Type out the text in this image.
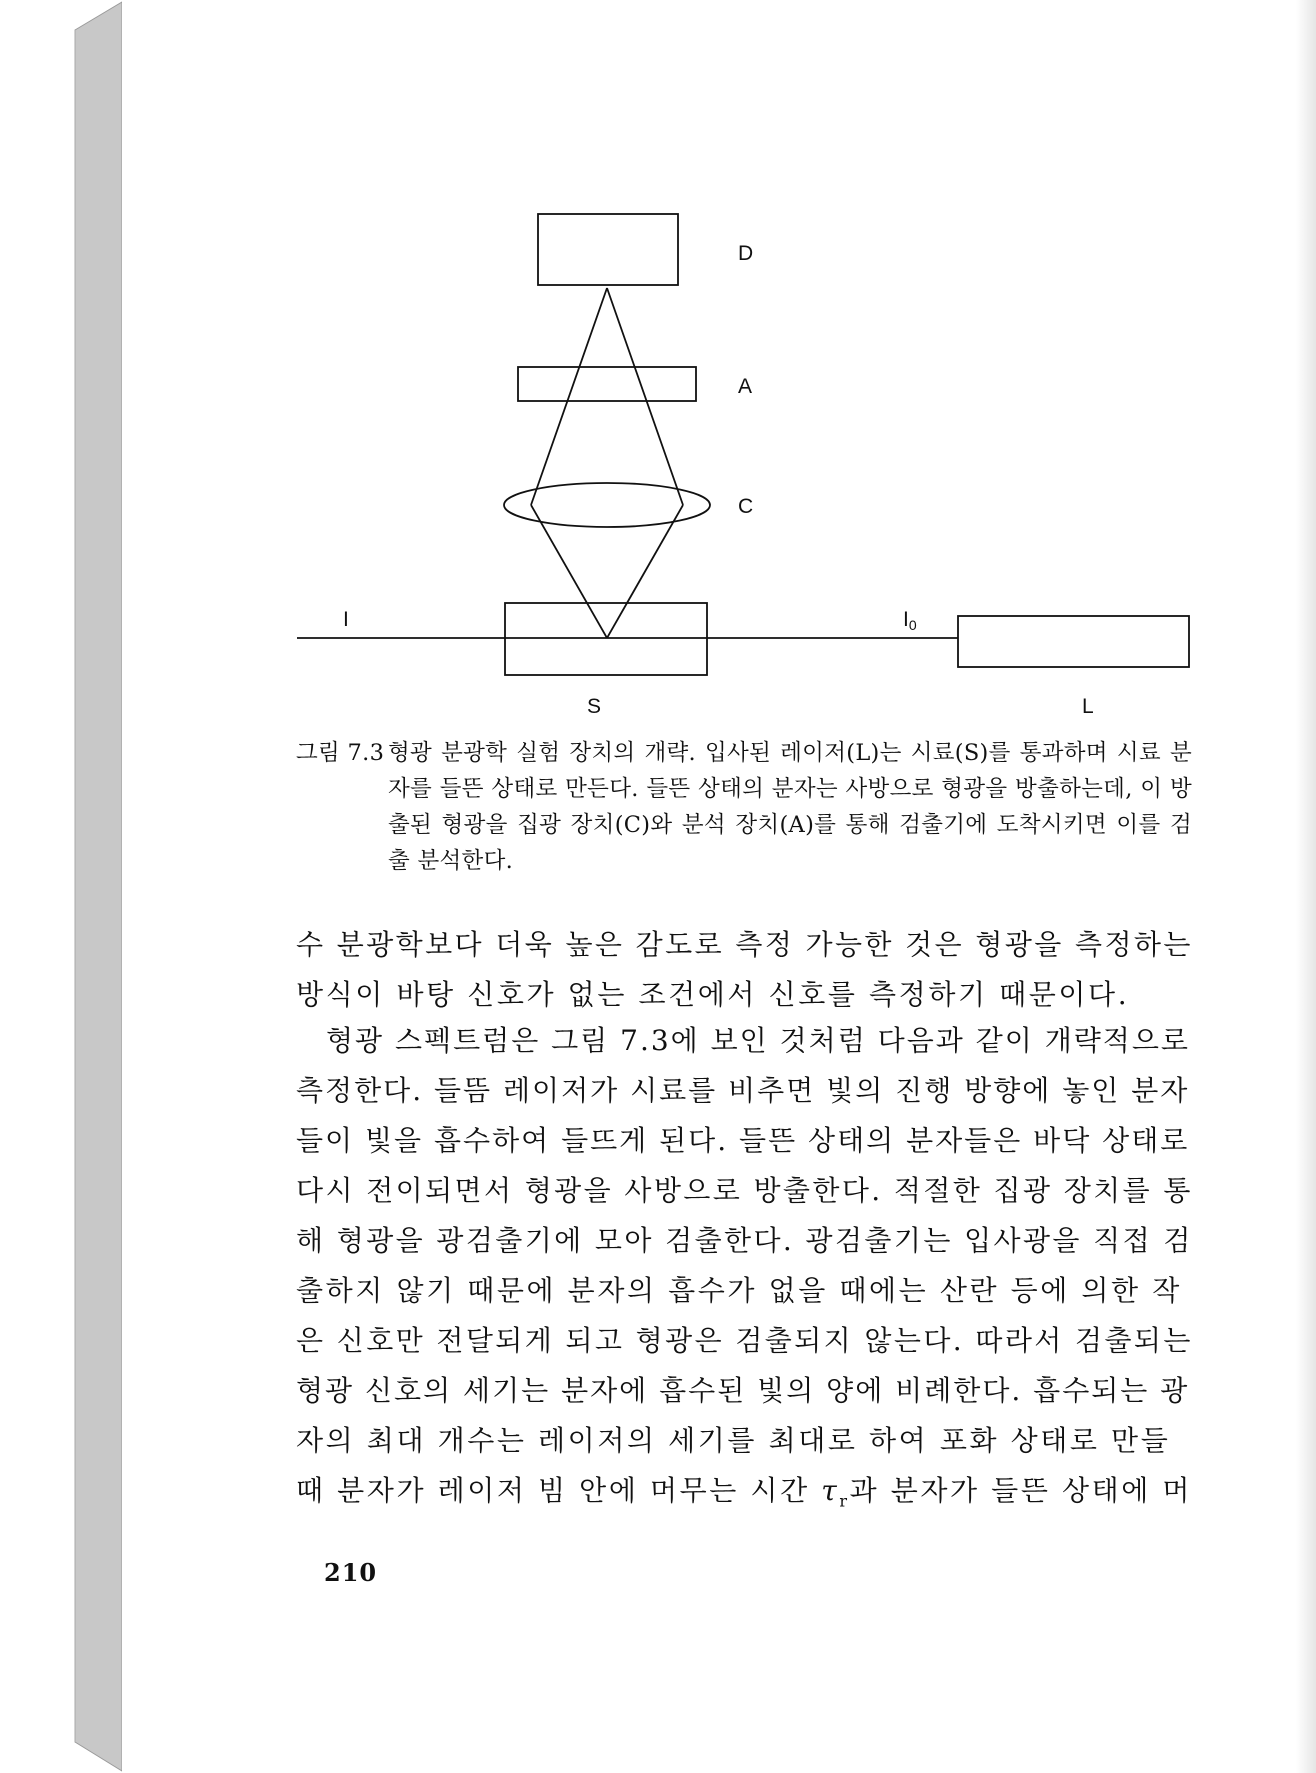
D
A
C
I	I0
S	L
그림 7.3 형광 분광학 실험 장치의 개략. 입사된 레이저(L)는 시료(S)를 통과하며 시료 분자를 들뜬 상태로 만든다. 들뜬 상태의 분자는 사방으로 형광을 방출하는데, 이 방출된 형광을 집광 장치(C)와 분석 장치(A)를 통해 검출기에 도착시키면 이를 검출 분석한다.
수 분광학보다 더욱 높은 감도로 측정 가능한 것은 형광을 측정하는
방식이 바탕 신호가 없는 조건에서 신호를 측정하기 때문이다.
형광 스펙트럼은 그림 7.3에 보인 것처럼 다음과 같이 개략적으로
측정한다. 들뜸 레이저가 시료를 비추면 빛의 진행 방향에 놓인 분자
들이 빛을 흡수하여 들뜨게 된다. 들뜬 상태의 분자들은 바닥 상태로
다시 전이되면서 형광을 사방으로 방출한다. 적절한 집광 장치를 통
해 형광을 광검출기에 모아 검출한다. 광검출기는 입사광을 직접 검
출하지 않기 때문에 분자의 흡수가 없을 때에는 산란 등에 의한 작
은 신호만 전달되게 되고 형광은 검출되지 않는다. 따라서 검출되는
형광 신호의 세기는 분자에 흡수된 빛의 양에 비례한다. 흡수되는 광
자의 최대 개수는 레이저의 세기를 최대로 하여 포화 상태로 만들
때 분자가 레이저 빔 안에 머무는 시간 $\tau_r$과 분자가 들뜬 상태에 머
210
